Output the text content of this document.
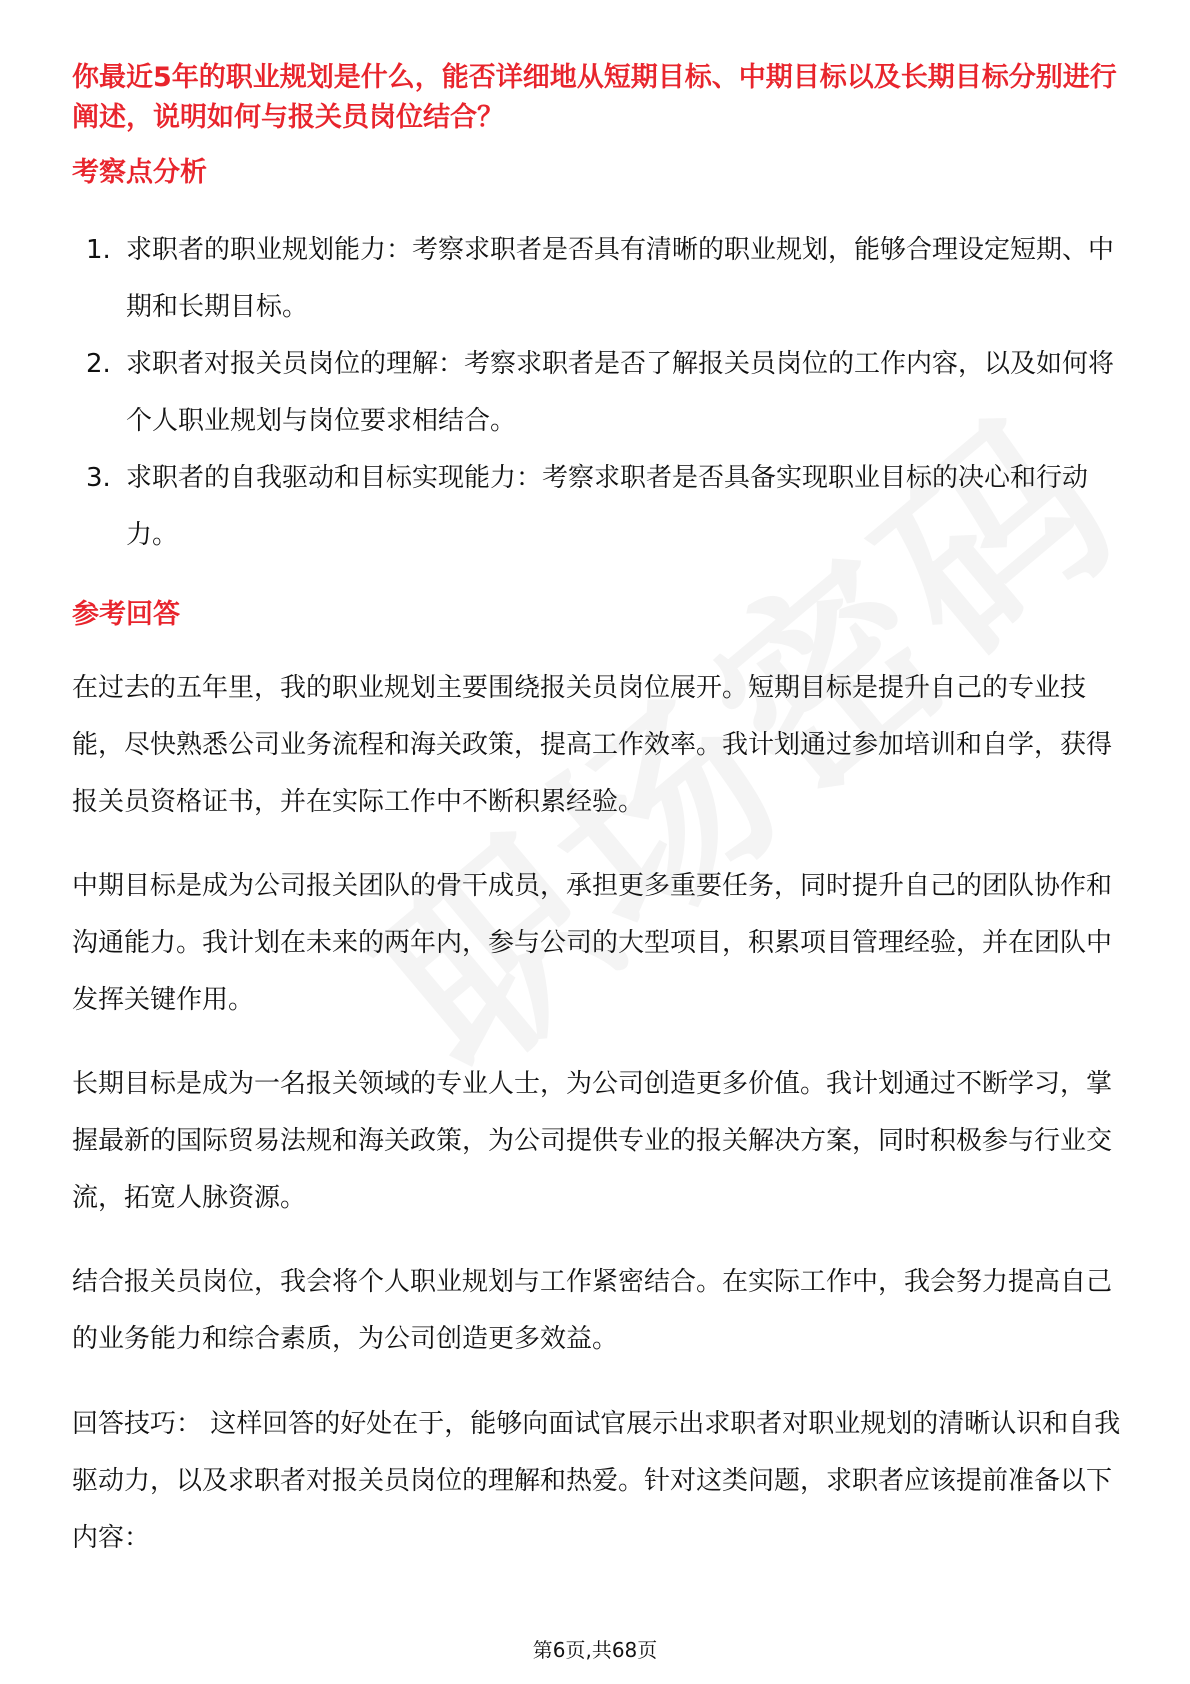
你最近5年的职业规划是什么，能否详细地从短期目标、中期目标以及长期目标分别进行阐述，说明如何与报关员岗位结合？

考察点分析

1. 求职者的职业规划能力：考察求职者是否具有清晰的职业规划，能够合理设定短期、中期和长期目标。
2. 求职者对报关员岗位的理解：考察求职者是否了解报关员岗位的工作内容，以及如何将个人职业规划与岗位要求相结合。
3. 求职者的自我驱动和目标实现能力：考察求职者是否具备实现职业目标的决心和行动力。

参考回答

在过去的五年里，我的职业规划主要围绕报关员岗位展开。短期目标是提升自己的专业技能，尽快熟悉公司业务流程和海关政策，提高工作效率。我计划通过参加培训和自学，获得报关员资格证书，并在实际工作中不断积累经验。

中期目标是成为公司报关团队的骨干成员，承担更多重要任务，同时提升自己的团队协作和沟通能力。我计划在未来的两年内，参与公司的大型项目，积累项目管理经验，并在团队中发挥关键作用。

长期目标是成为一名报关领域的专业人士，为公司创造更多价值。我计划通过不断学习，掌握最新的国际贸易法规和海关政策，为公司提供专业的报关解决方案，同时积极参与行业交流，拓宽人脉资源。

结合报关员岗位，我会将个人职业规划与工作紧密结合。在实际工作中，我会努力提高自己的业务能力和综合素质，为公司创造更多效益。

回答技巧： 这样回答的好处在于，能够向面试官展示出求职者对职业规划的清晰认识和自我驱动力，以及求职者对报关员岗位的理解和热爱。针对这类问题，求职者应该提前准备以下内容：

第6页,共68页
